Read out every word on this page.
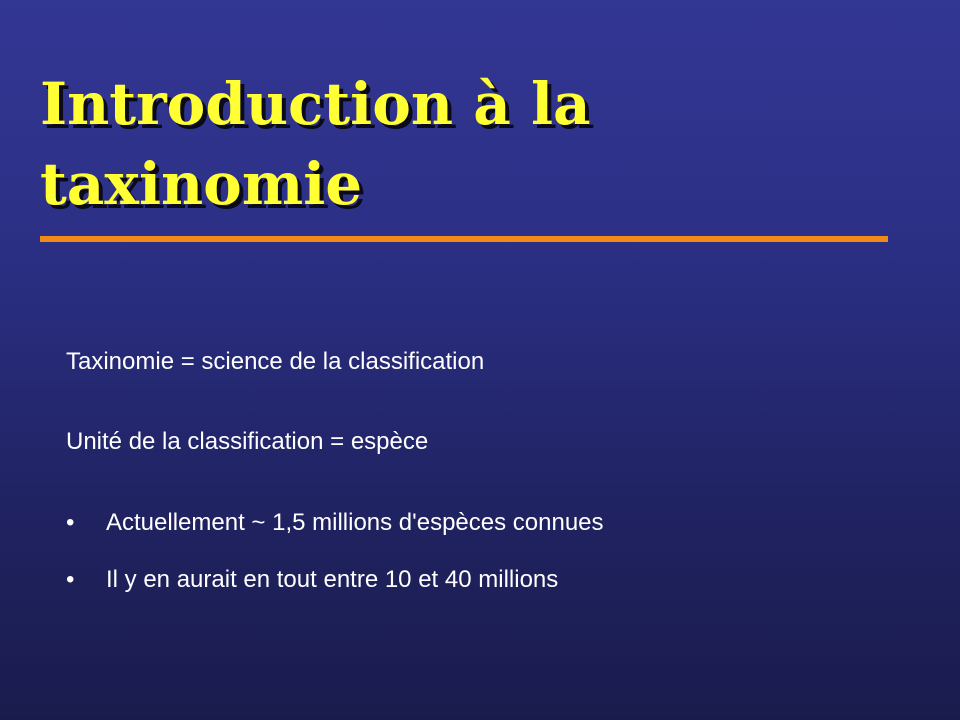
Introduction à la
taxinomie
Taxinomie = science de la classification
Unité de la classification = espèce
• Actuellement ~ 1,5 millions d'espèces connues
• Il y en aurait en tout entre 10 et 40 millions
